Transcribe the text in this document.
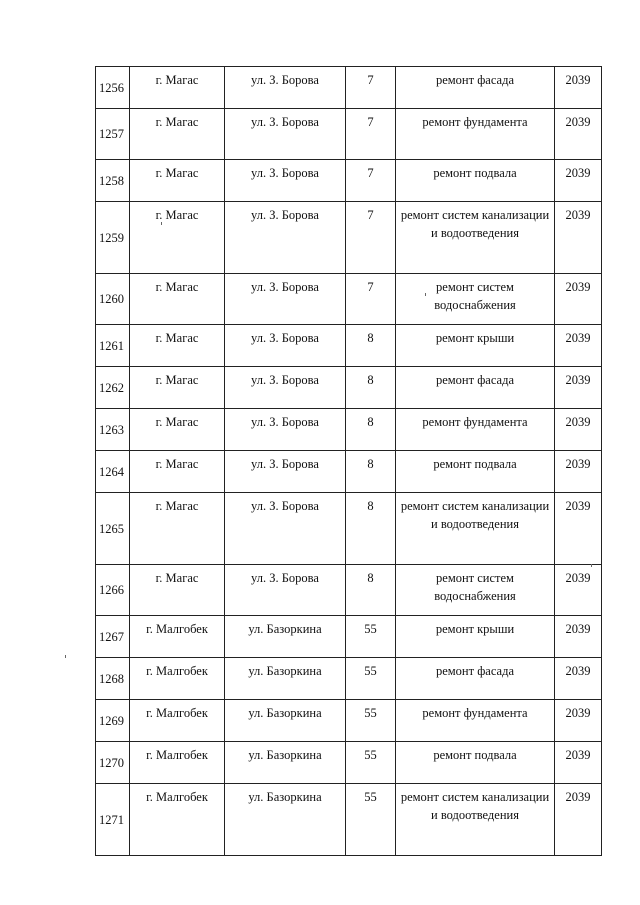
1256	г. Магас	ул. З. Борова	7	ремонт фасада	2039
1257	г. Магас	ул. З. Борова	7	ремонт фундамента	2039
1258	г. Магас	ул. З. Борова	7	ремонт подвала	2039
1259	г. Магас	ул. З. Борова	7	ремонт систем канализации и водоотведения	2039
1260	г. Магас	ул. З. Борова	7	ремонт систем водоснабжения	2039
1261	г. Магас	ул. З. Борова	8	ремонт крыши	2039
1262	г. Магас	ул. З. Борова	8	ремонт фасада	2039
1263	г. Магас	ул. З. Борова	8	ремонт фундамента	2039
1264	г. Магас	ул. З. Борова	8	ремонт подвала	2039
1265	г. Магас	ул. З. Борова	8	ремонт систем канализации и водоотведения	2039
1266	г. Магас	ул. З. Борова	8	ремонт систем водоснабжения	2039
1267	г. Малгобек	ул. Базоркина	55	ремонт крыши	2039
1268	г. Малгобек	ул. Базоркина	55	ремонт фасада	2039
1269	г. Малгобек	ул. Базоркина	55	ремонт фундамента	2039
1270	г. Малгобек	ул. Базоркина	55	ремонт подвала	2039
1271	г. Малгобек	ул. Базоркина	55	ремонт систем канализации и водоотведения	2039
